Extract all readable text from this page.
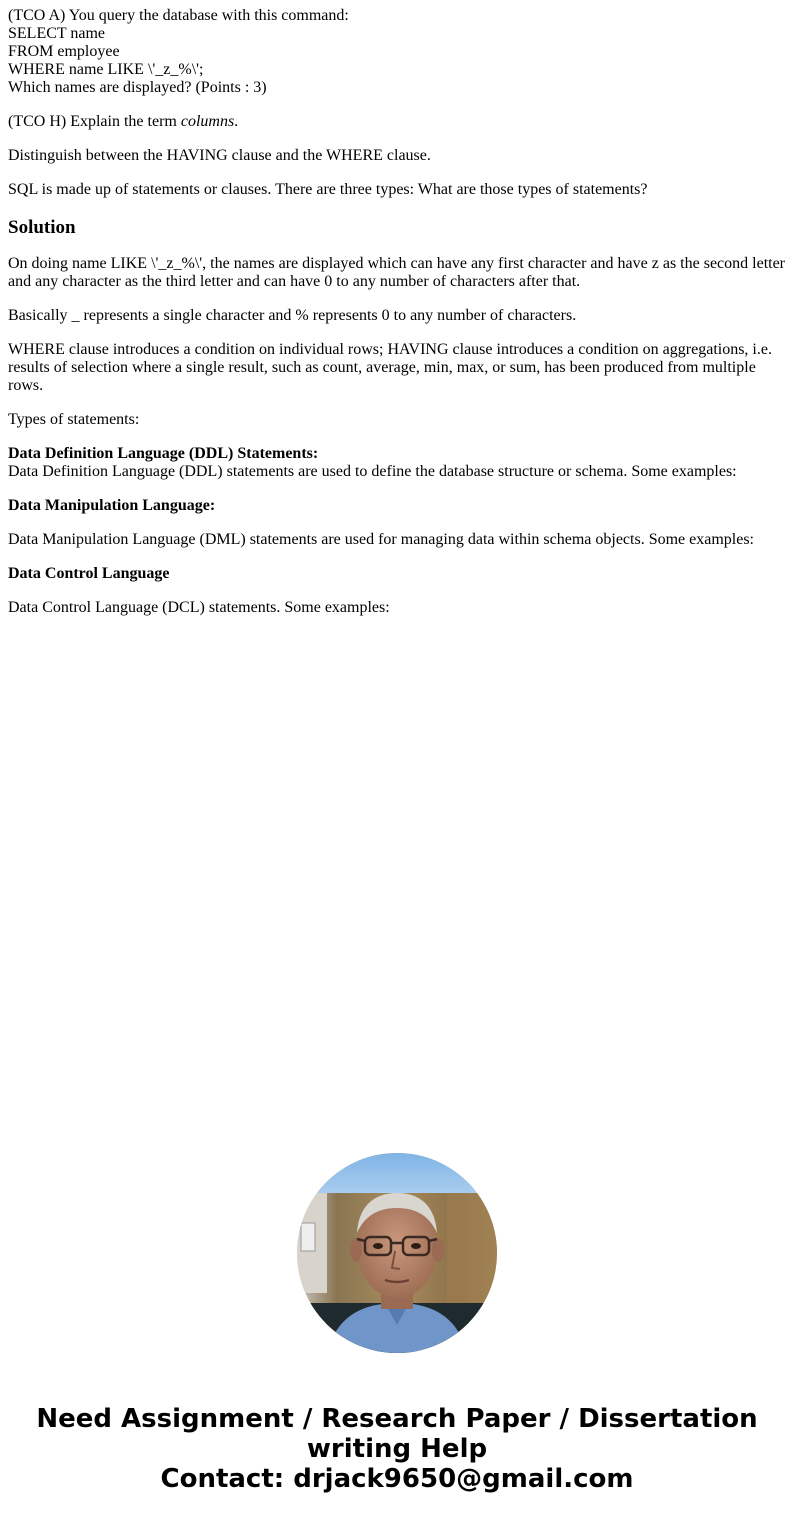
(TCO A) You query the database with this command:
SELECT name
FROM employee
WHERE name LIKE \'_z_%\';
Which names are displayed? (Points : 3)
(TCO H) Explain the term columns.
Distinguish between the HAVING clause and the WHERE clause.
SQL is made up of statements or clauses. There are three types: What are those types of statements?
Solution
On doing name LIKE \'_z_%\', the names are displayed which can have any first character and have z as the second letter and any character as the third letter and can have 0 to any number of characters after that.
Basically _ represents a single character and % represents 0 to any number of characters.
WHERE clause introduces a condition on individual rows; HAVING clause introduces a condition on aggregations, i.e. results of selection where a single result, such as count, average, min, max, or sum, has been produced from multiple rows.
Types of statements:
Data Definition Language (DDL) Statements:
Data Definition Language (DDL) statements are used to define the database structure or schema. Some examples:
Data Manipulation Language:
Data Manipulation Language (DML) statements are used for managing data within schema objects. Some examples:
Data Control Language
Data Control Language (DCL) statements. Some examples:
Need Assignment / Research Paper / Dissertation
writing Help
Contact: drjack9650@gmail.com
